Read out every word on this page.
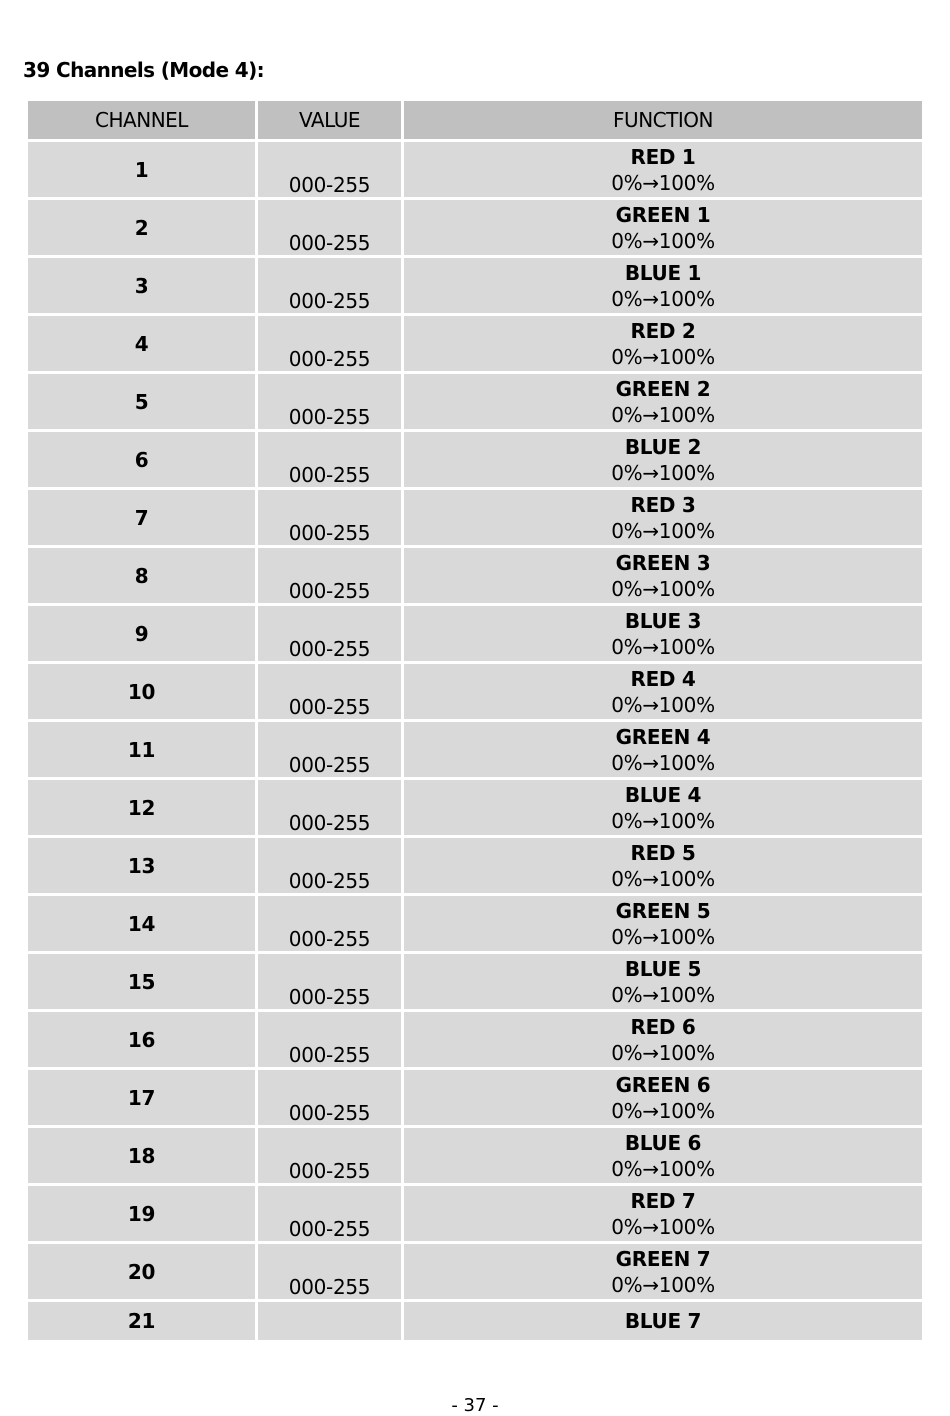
39 Channels (Mode 4):
CHANNEL	VALUE	FUNCTION
1	000-255	RED 1
0%→100%

2	000-255	GREEN 1
0%→100%

3	000-255	BLUE 1
0%→100%

4	000-255	RED 2
0%→100%

5	000-255	GREEN 2
0%→100%

6	000-255	BLUE 2
0%→100%

7	000-255	RED 3
0%→100%

8	000-255	GREEN 3
0%→100%

9	000-255	BLUE 3
0%→100%

10	000-255	RED 4
0%→100%

11	000-255	GREEN 4
0%→100%

12	000-255	BLUE 4
0%→100%

13	000-255	RED 5
0%→100%

14	000-255	GREEN 5
0%→100%

15	000-255	BLUE 5
0%→100%

16	000-255	RED 6
0%→100%

17	000-255	GREEN 6
0%→100%

18	000-255	BLUE 6
0%→100%

19	000-255	RED 7
0%→100%

20	000-255	GREEN 7
0%→100%

21		BLUE 7
- 37 -
